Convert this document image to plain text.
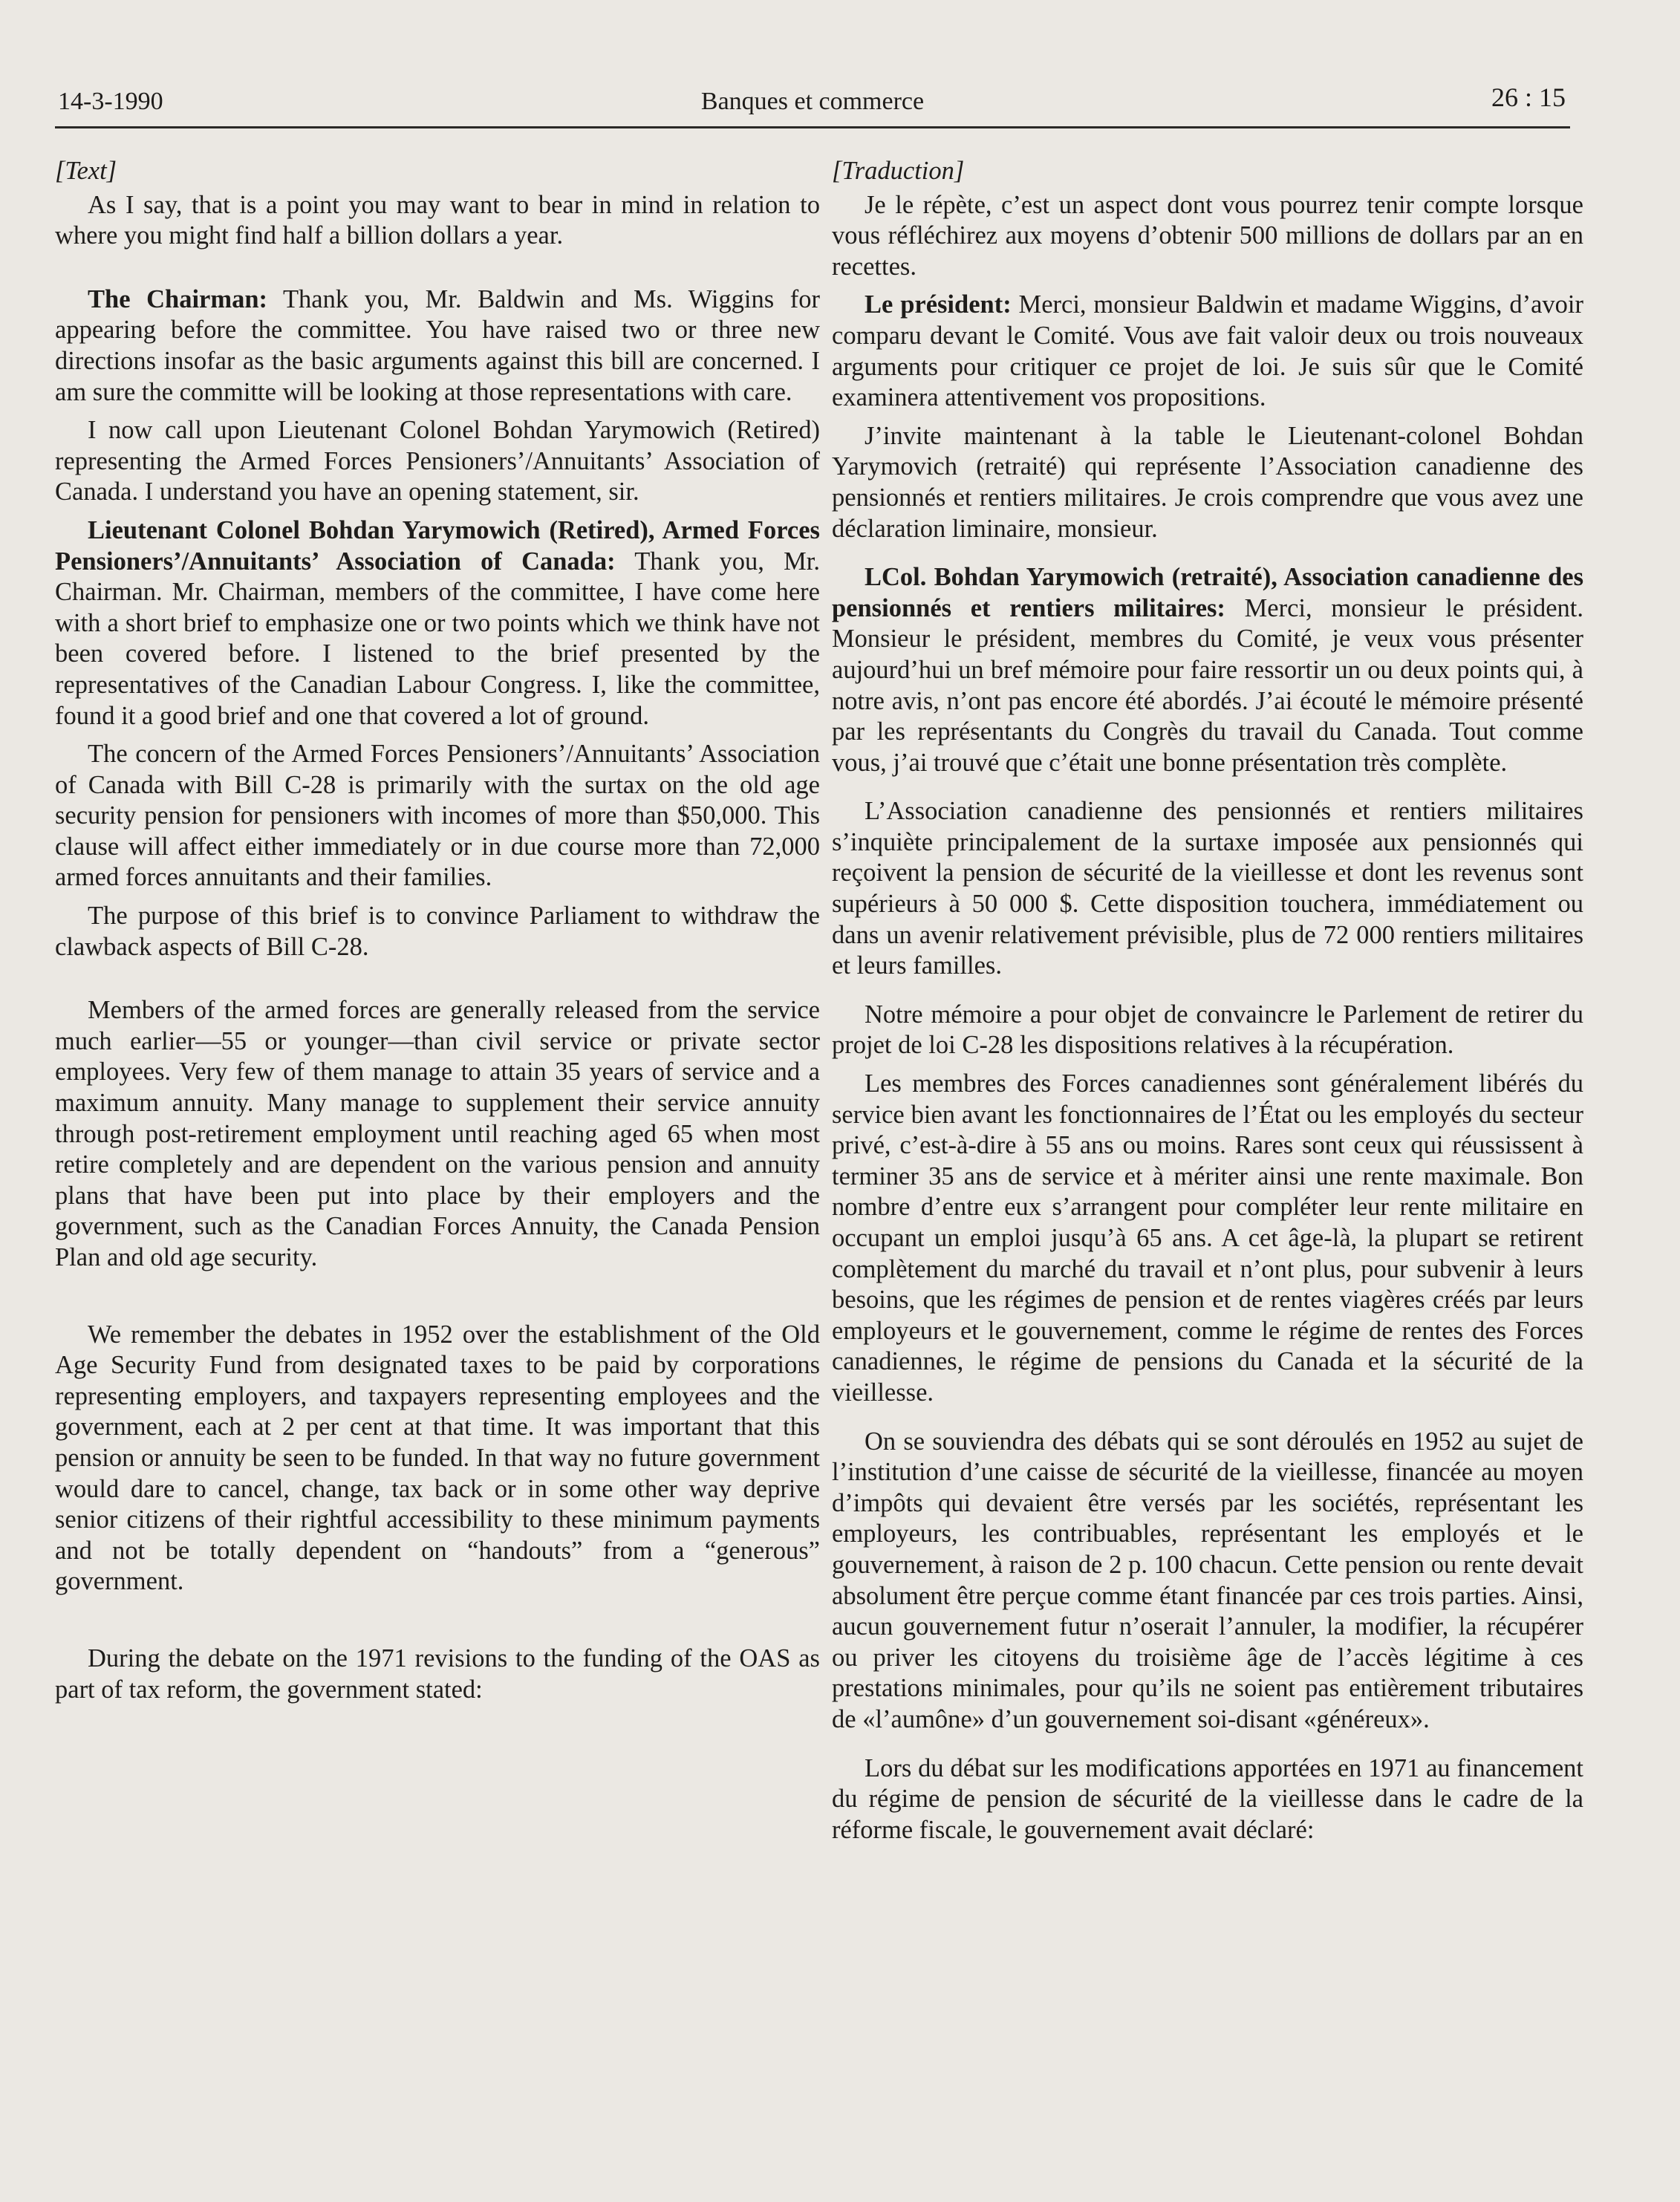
14-3-1990	Banques et commerce	26 : 15

[Text]

As I say, that is a point you may want to bear in mind in relation to where you might find half a billion dollars a year.

The Chairman: Thank you, Mr. Baldwin and Ms. Wiggins for appearing before the committee. You have raised two or three new directions insofar as the basic arguments against this bill are concerned. I am sure the committe will be looking at those representations with care.

I now call upon Lieutenant Colonel Bohdan Yarymowich (Retired) representing the Armed Forces Pensioners’/Annuitants’ Association of Canada. I understand you have an opening statement, sir.

Lieutenant Colonel Bohdan Yarymowich (Retired), Armed Forces Pensioners’/Annuitants’ Association of Canada: Thank you, Mr. Chairman. Mr. Chairman, members of the committee, I have come here with a short brief to emphasize one or two points which we think have not been covered before. I listened to the brief presented by the representatives of the Canadian Labour Congress. I, like the committee, found it a good brief and one that covered a lot of ground.

The concern of the Armed Forces Pensioners’/Annuitants’ Association of Canada with Bill C-28 is primarily with the surtax on the old age security pension for pensioners with incomes of more than $50,000. This clause will affect either immediately or in due course more than 72,000 armed forces annuitants and their families.

The purpose of this brief is to convince Parliament to withdraw the clawback aspects of Bill C-28.

Members of the armed forces are generally released from the service much earlier—55 or younger—than civil service or private sector employees. Very few of them manage to attain 35 years of service and a maximum annuity. Many manage to supplement their service annuity through post-retirement employment until reaching aged 65 when most retire completely and are dependent on the various pension and annuity plans that have been put into place by their employers and the government, such as the Canadian Forces Annuity, the Canada Pension Plan and old age security.

We remember the debates in 1952 over the establishment of the Old Age Security Fund from designated taxes to be paid by corporations representing employers, and taxpayers representing employees and the government, each at 2 per cent at that time. It was important that this pension or annuity be seen to be funded. In that way no future government would dare to cancel, change, tax back or in some other way deprive senior citizens of their rightful accessibility to these minimum payments and not be totally dependent on “handouts” from a “generous” government.

During the debate on the 1971 revisions to the funding of the OAS as part of tax reform, the government stated:

[Traduction]

Je le répète, c’est un aspect dont vous pourrez tenir compte lorsque vous réfléchirez aux moyens d’obtenir 500 millions de dollars par an en recettes.

Le président: Merci, monsieur Baldwin et madame Wiggins, d’avoir comparu devant le Comité. Vous ave fait valoir deux ou trois nouveaux arguments pour critiquer ce projet de loi. Je suis sûr que le Comité examinera attentivement vos propositions.

J’invite maintenant à la table le Lieutenant-colonel Bohdan Yarymovich (retraité) qui représente l’Association canadienne des pensionnés et rentiers militaires. Je crois comprendre que vous avez une déclaration liminaire, monsieur.

LCol. Bohdan Yarymowich (retraité), Association canadienne des pensionnés et rentiers militaires: Merci, monsieur le président. Monsieur le président, membres du Comité, je veux vous présenter aujourd’hui un bref mémoire pour faire ressortir un ou deux points qui, à notre avis, n’ont pas encore été abordés. J’ai écouté le mémoire présenté par les représentants du Congrès du travail du Canada. Tout comme vous, j’ai trouvé que c’était une bonne présentation très complète.

L’Association canadienne des pensionnés et rentiers militaires s’inquiète principalement de la surtaxe imposée aux pensionnés qui reçoivent la pension de sécurité de la vieillesse et dont les revenus sont supérieurs à 50 000 $. Cette disposition touchera, immédiatement ou dans un avenir relativement prévisible, plus de 72 000 rentiers militaires et leurs familles.

Notre mémoire a pour objet de convaincre le Parlement de retirer du projet de loi C-28 les dispositions relatives à la récupération.

Les membres des Forces canadiennes sont généralement libérés du service bien avant les fonctionnaires de l’État ou les employés du secteur privé, c’est-à-dire à 55 ans ou moins. Rares sont ceux qui réussissent à terminer 35 ans de service et à mériter ainsi une rente maximale. Bon nombre d’entre eux s’arrangent pour compléter leur rente militaire en occupant un emploi jusqu’à 65 ans. A cet âge-là, la plupart se retirent complètement du marché du travail et n’ont plus, pour subvenir à leurs besoins, que les régimes de pension et de rentes viagères créés par leurs employeurs et le gouvernement, comme le régime de rentes des Forces canadiennes, le régime de pensions du Canada et la sécurité de la vieillesse.

On se souviendra des débats qui se sont déroulés en 1952 au sujet de l’institution d’une caisse de sécurité de la vieillesse, financée au moyen d’impôts qui devaient être versés par les sociétés, représentant les employeurs, les contribuables, représentant les employés et le gouvernement, à raison de 2 p. 100 chacun. Cette pension ou rente devait absolument être perçue comme étant financée par ces trois parties. Ainsi, aucun gouvernement futur n’oserait l’annuler, la modifier, la récupérer ou priver les citoyens du troisième âge de l’accès légitime à ces prestations minimales, pour qu’ils ne soient pas entièrement tributaires de «l’aumône» d’un gouvernement soi-disant «généreux».

Lors du débat sur les modifications apportées en 1971 au financement du régime de pension de sécurité de la vieillesse dans le cadre de la réforme fiscale, le gouvernement avait déclaré:
